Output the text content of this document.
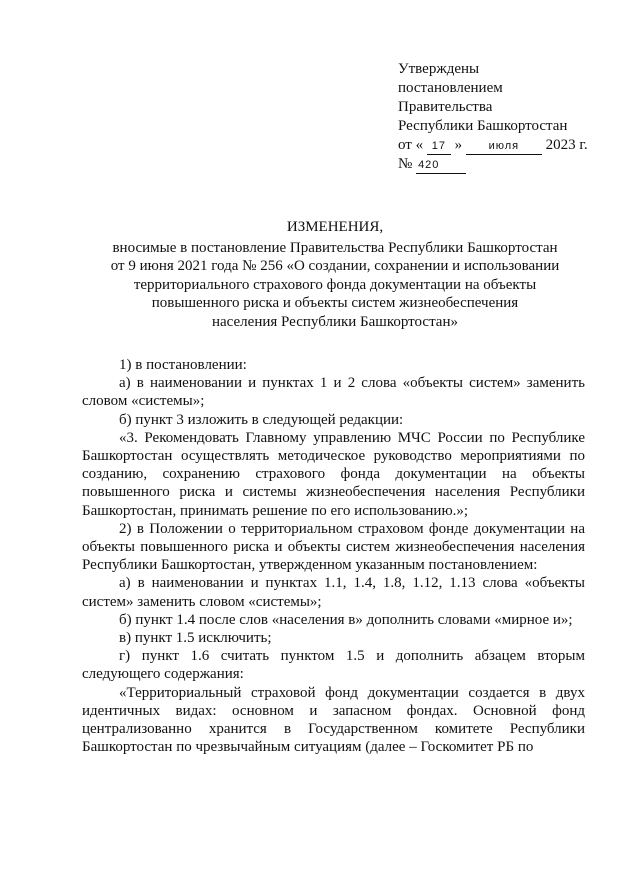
Утверждены
постановлением
Правительства
Республики Башкортостан
от « 17 » июля 2023 г.
№ 420
ИЗМЕНЕНИЯ,
вносимые в постановление Правительства Республики Башкортостан
от 9 июня 2021 года № 256 «О создании, сохранении и использовании
территориального страхового фонда документации на объекты
повышенного риска и объекты систем жизнеобеспечения
населения Республики Башкортостан»

1) в постановлении:

а) в наименовании и пунктах 1 и 2 слова «объекты систем» заменить словом «системы»;

б) пункт 3 изложить в следующей редакции:

«3. Рекомендовать Главному управлению МЧС России по Республике Башкортостан осуществлять методическое руководство мероприятиями по созданию, сохранению страхового фонда документации на объекты повышенного риска и системы жизнеобеспечения населения Республики Башкортостан, принимать решение по его использованию.»;

2) в Положении о территориальном страховом фонде документации на объекты повышенного риска и объекты систем жизнеобеспечения населения Республики Башкортостан, утвержденном указанным постановлением:

а) в наименовании и пунктах 1.1, 1.4, 1.8, 1.12, 1.13 слова «объекты систем» заменить словом «системы»;

б) пункт 1.4 после слов «населения в» дополнить словами «мирное и»;

в) пункт 1.5 исключить;

г) пункт 1.6 считать пунктом 1.5 и дополнить абзацем вторым следующего содержания:

«Территориальный страховой фонд документации создается в двух идентичных видах: основном и запасном фондах. Основной фонд централизованно хранится в Государственном комитете Республики Башкортостан по чрезвычайным ситуациям (далее – Госкомитет РБ по
